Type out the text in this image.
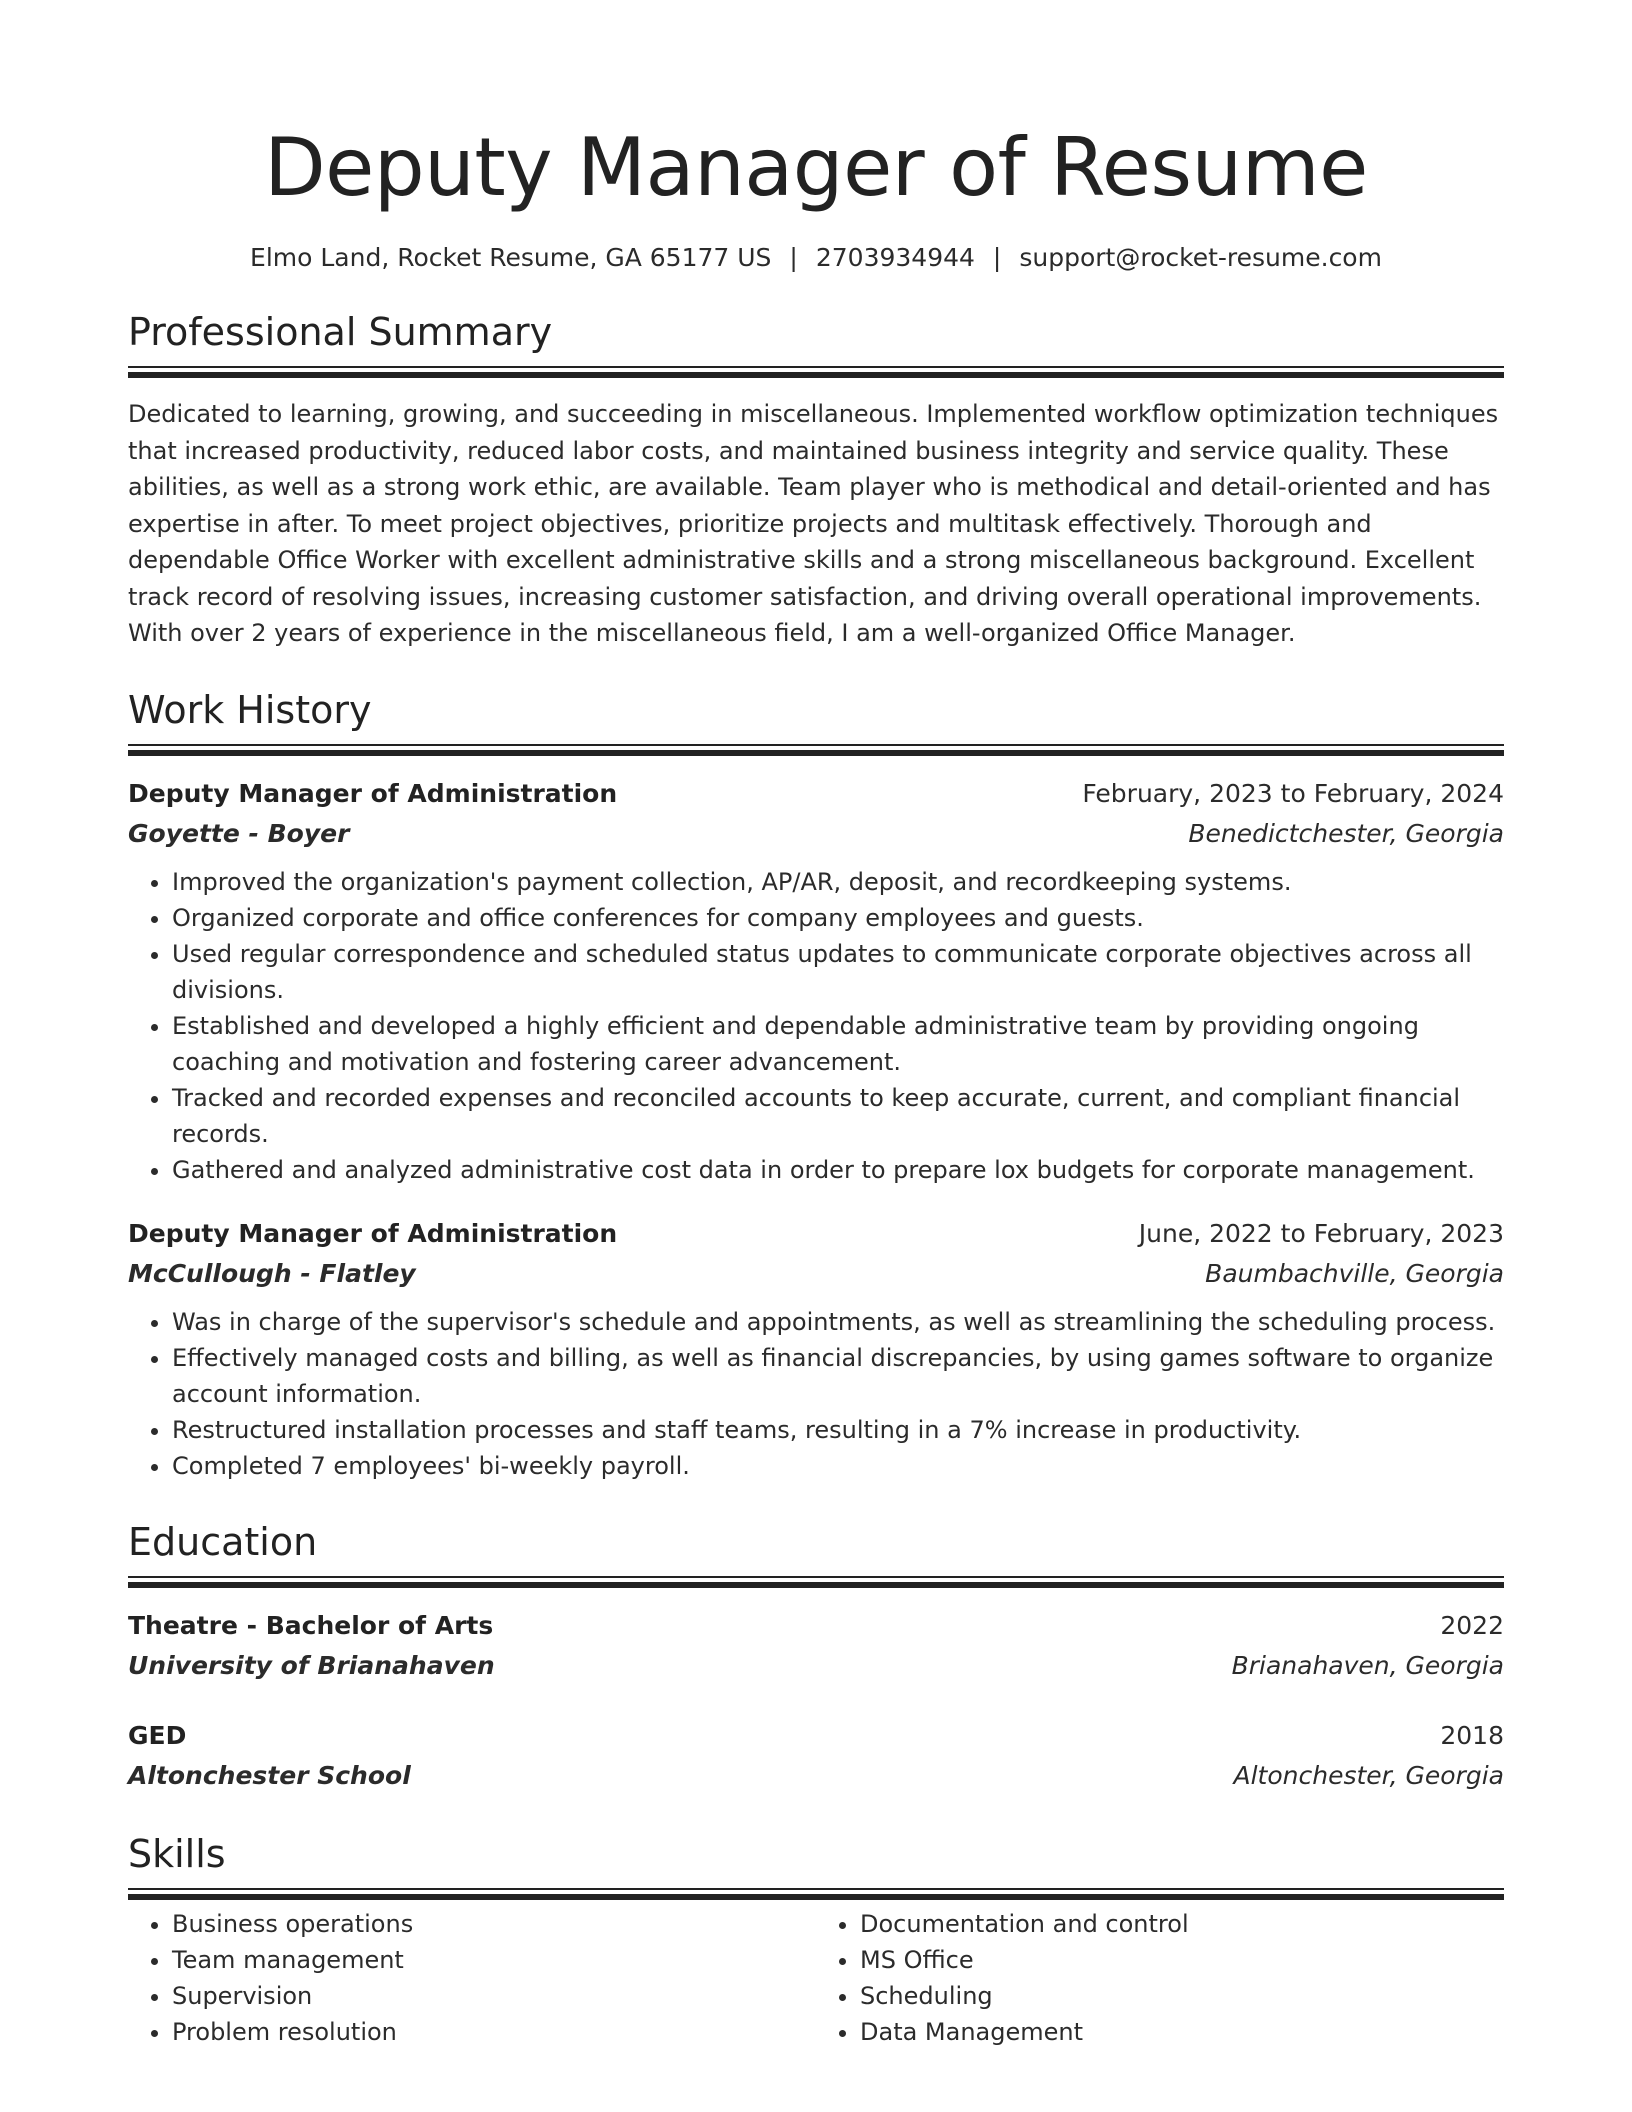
Deputy Manager of Resume
Elmo Land, Rocket Resume, GA 65177 US | 2703934944 | support@rocket-resume.com
Professional Summary

Dedicated to learning, growing, and succeeding in miscellaneous. Implemented workflow optimization techniques that increased productivity, reduced labor costs, and maintained business integrity and service quality. These abilities, as well as a strong work ethic, are available. Team player who is methodical and detail-oriented and has expertise in after. To meet project objectives, prioritize projects and multitask effectively. Thorough and dependable Office Worker with excellent administrative skills and a strong miscellaneous background. Excellent track record of resolving issues, increasing customer satisfaction, and driving overall operational improvements. With over 2 years of experience in the miscellaneous field, I am a well-organized Office Manager.

Work History
Deputy Manager of Administration	February, 2023 to February, 2024
Goyette - Boyer	Benedictchester, Georgia
• Improved the organization's payment collection, AP/AR, deposit, and recordkeeping systems.
• Organized corporate and office conferences for company employees and guests.
• Used regular correspondence and scheduled status updates to communicate corporate objectives across all divisions.
• Established and developed a highly efficient and dependable administrative team by providing ongoing coaching and motivation and fostering career advancement.
• Tracked and recorded expenses and reconciled accounts to keep accurate, current, and compliant financial records.
• Gathered and analyzed administrative cost data in order to prepare lox budgets for corporate management.
Deputy Manager of Administration	June, 2022 to February, 2023
McCullough - Flatley	Baumbachville, Georgia
• Was in charge of the supervisor's schedule and appointments, as well as streamlining the scheduling process.
• Effectively managed costs and billing, as well as financial discrepancies, by using games software to organize account information.
• Restructured installation processes and staff teams, resulting in a 7% increase in productivity.
• Completed 7 employees' bi-weekly payroll.
Education
Theatre - Bachelor of Arts	2022
University of Brianahaven	Brianahaven, Georgia
GED	2018
Altonchester School	Altonchester, Georgia
Skills
• Business operations
• Team management
• Supervision
• Problem resolution
• Documentation and control
• MS Office
• Scheduling
• Data Management
